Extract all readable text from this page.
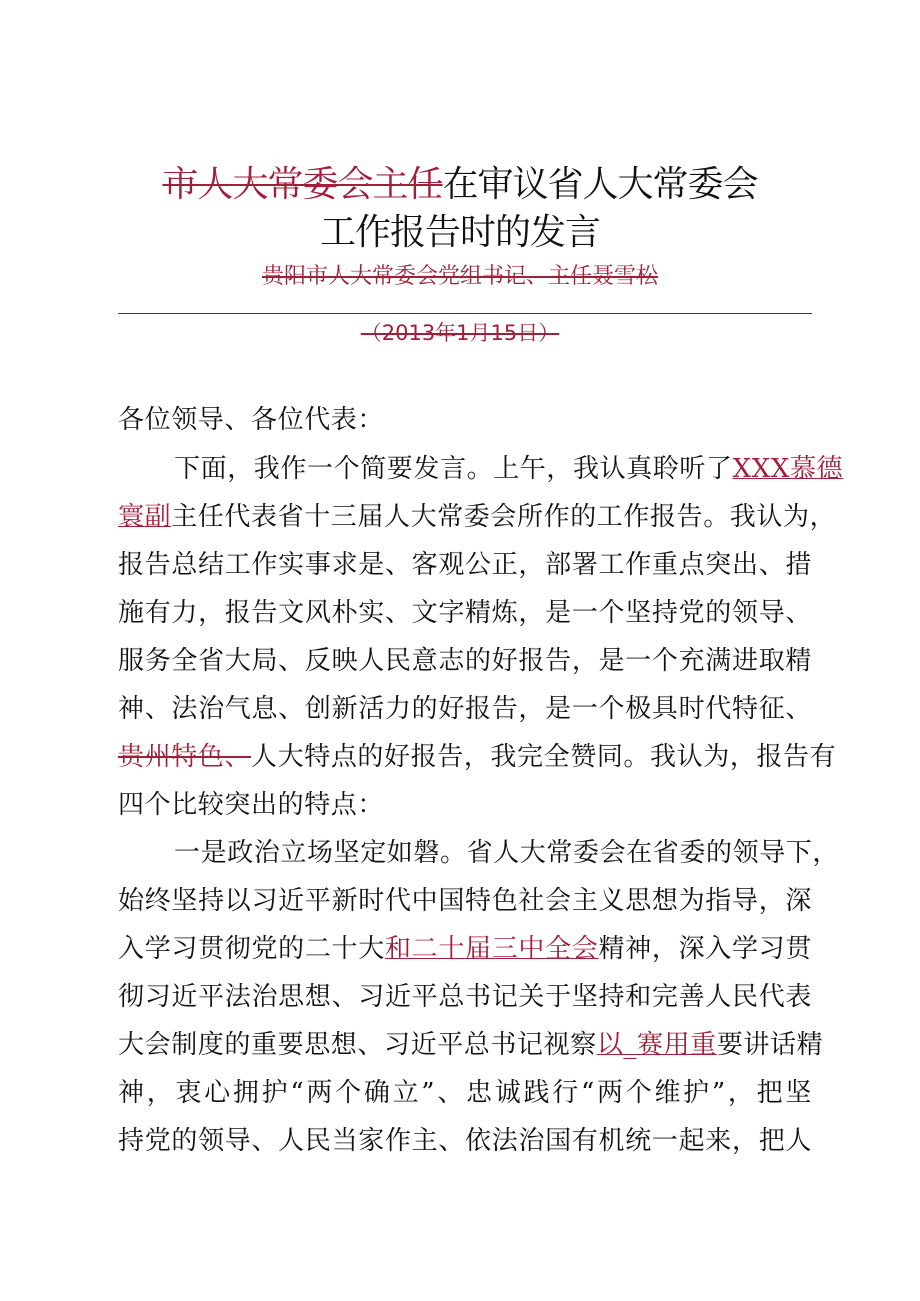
市人大常委会主任在审议省人大常委会
工作报告时的发言
贵阳市人大常委会党组书记、主任聂雪松
（2013年1月15日）
各位领导、各位代表：
下面，我作一个简要发言。上午，我认真聆听了XXX慕德
寰副主任代表省十三届人大常委会所作的工作报告。我认为，
报告总结工作实事求是、客观公正，部署工作重点突出、措
施有力，报告文风朴实、文字精炼，是一个坚持党的领导、
服务全省大局、反映人民意志的好报告，是一个充满进取精
神、法治气息、创新活力的好报告，是一个极具时代特征、
贵州特色、人大特点的好报告，我完全赞同。我认为，报告有
四个比较突出的特点：
一是政治立场坚定如磐。省人大常委会在省委的领导下，
始终坚持以习近平新时代中国特色社会主义思想为指导，深
入学习贯彻党的二十大和二十届三中全会精神，深入学习贯
彻习近平法治思想、习近平总书记关于坚持和完善人民代表
大会制度的重要思想、习近平总书记视察以_赛用重要讲话精
神，衷心拥护“两个确立”、忠诚践行“两个维护”，把坚
持党的领导、人民当家作主、依法治国有机统一起来，把人
